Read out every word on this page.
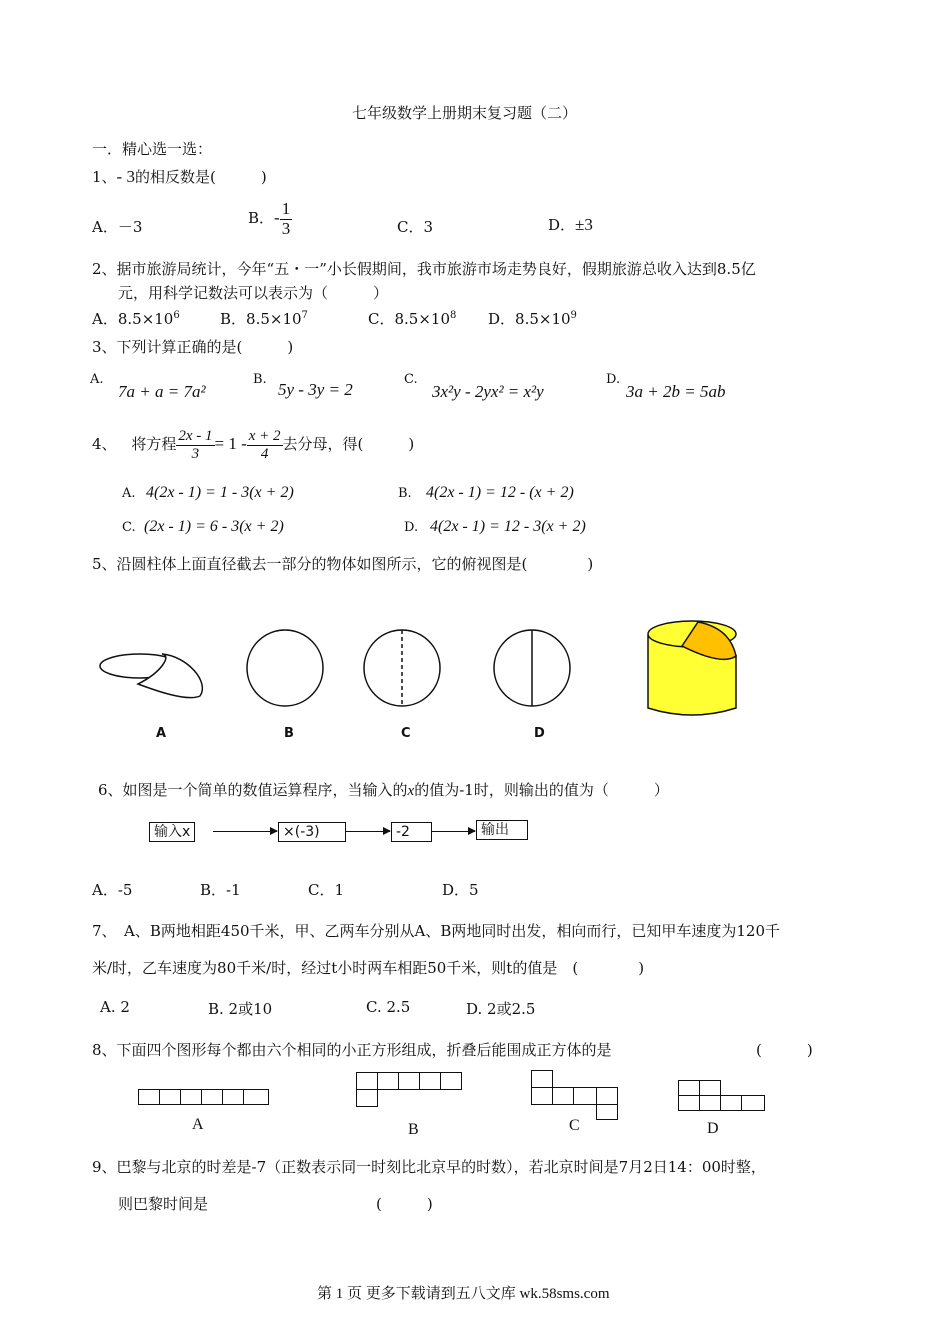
七年级数学上册期末复习题（二）
一．精心选一选：
1、- 3的相反数是(　　　)
A．－3	B．- $\frac{1}{3}$	C．3	D．±3
2、据市旅游局统计，今年“五・一”小长假期间，我市旅游市场走势良好，假期旅游总收入达到8.5亿
元，用科学记数法可以表示为（　　　）
A．$8.5\times 10^6$	B．$8.5\times 10^7$	C．$8.5\times 10^8$ D．$8.5\times 10^9$
3、下列计算正确的是(　　　)
A.
7a + a = 7a²
B.
5y - 3y = 2
C.
3x²y - 2yx² = x²y
D.
3a + 2b = 5ab
4、 将方程 $\frac{2x - 1}{3} = 1 - \frac{x + 2}{4}$ 去分母，得(　　　)
A. 4(2x - 1) = 1 - 3(x + 2)	B. 4(2x - 1) = 12 - (x + 2)
C. (2x - 1) = 6 - 3(x + 2)	D. 4(2x - 1) = 12 - 3(x + 2)
5、沿圆柱体上面直径截去一部分的物体如图所示，它的俯视图是(　　　　)
A	B	C	D
6、如图是一个简单的数值运算程序，当输入的x的值为-1时，则输出的值为（　　　）
输入x	×(-3)	-2	输出
A．-5	B．-1	C．1	D．5
7、　A、B两地相距450千米，甲、乙两车分别从A、B两地同时出发，相向而行，已知甲车速度为120千
米/时，乙车速度为80千米/时，经过t小时两车相距50千米，则t的值是　(　　　　)
A. 2	B. 2或10	C. 2.5	D. 2或2.5
8、下面四个图形每个都由六个相同的小正方形组成，折叠后能围成正方体的是	(　　　)
A	B	C	D
9、巴黎与北京的时差是-7（正数表示同一时刻比北京早的时数），若北京时间是7月2日14：00时整，
则巴黎时间是	(　　　)
第 1 页 更多下载请到五八文库 wk.58sms.com
